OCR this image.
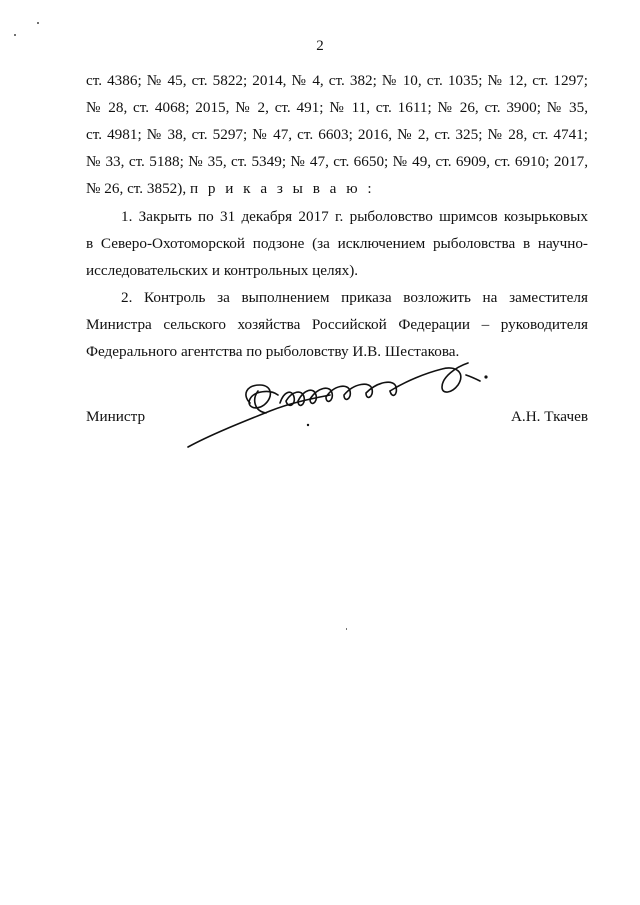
2
ст. 4386; № 45, ст. 5822; 2014, № 4, ст. 382; № 10, ст. 1035; № 12, ст. 1297;
№ 28, ст. 4068; 2015, № 2, ст. 491; № 11, ст. 1611; № 26, ст. 3900; № 35,
ст. 4981; № 38, ст. 5297; № 47, ст. 6603; 2016, № 2, ст. 325; № 28, ст. 4741;
№ 33, ст. 5188; № 35, ст. 5349; № 47, ст. 6650; № 49, ст. 6909, ст. 6910; 2017,
№ 26, ст. 3852), п р и к а з ы в а ю :
1. Закрыть по 31 декабря 2017 г. рыболовство шримсов козырьковых
в Северо-Охотоморской подзоне (за исключением рыболовства в научно-
исследовательских и контрольных целях).
2. Контроль за выполнением приказа возложить на заместителя
Министра сельского хозяйства Российской Федерации – руководителя
Федерального агентства по рыболовству И.В. Шестакова.
Министр	А.Н. Ткачев
